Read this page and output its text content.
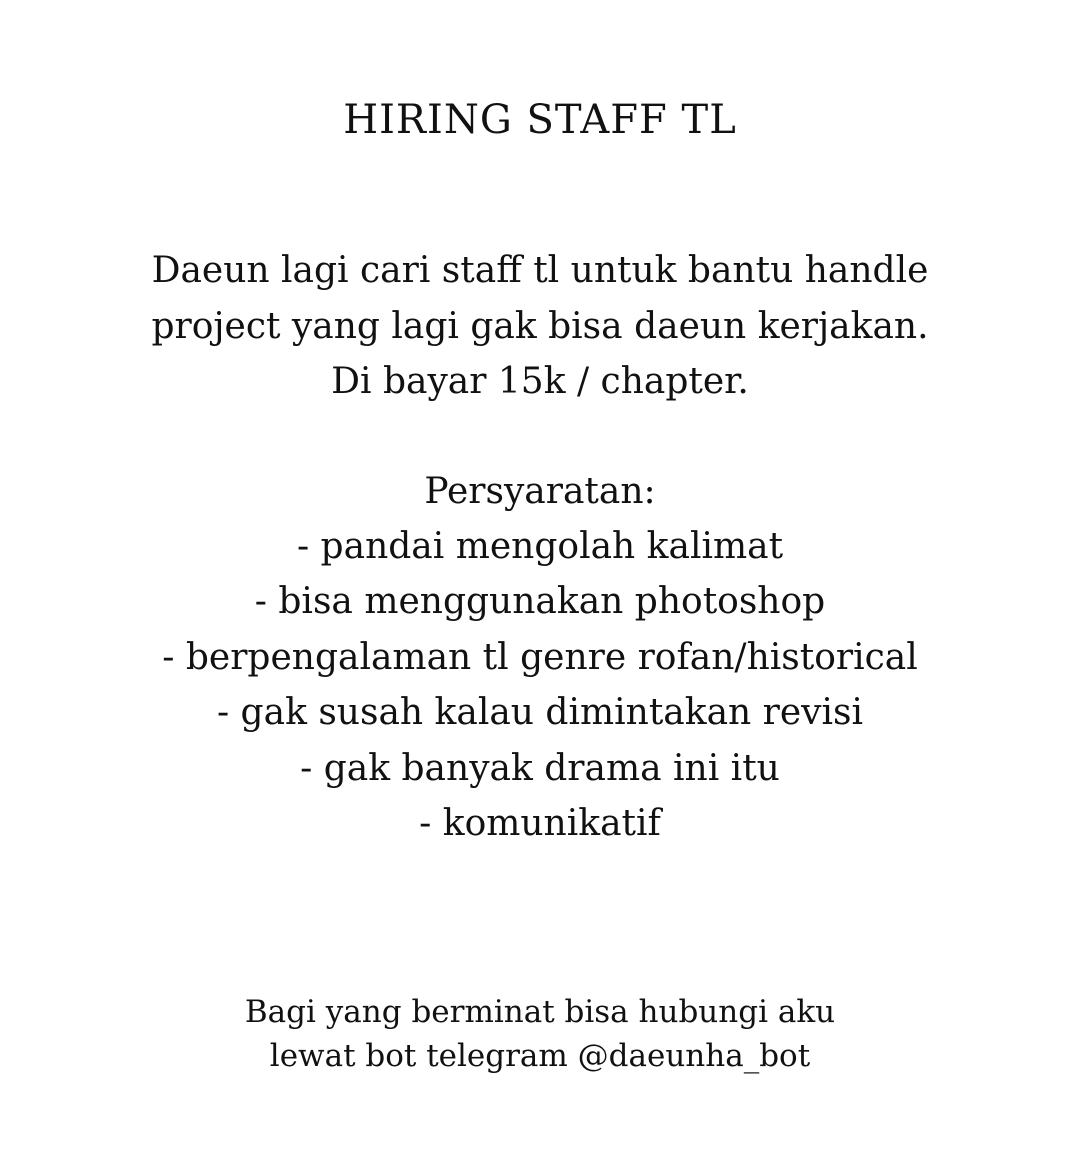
HIRING STAFF TL

Daeun lagi cari staff tl untuk bantu handle
project yang lagi gak bisa daeun kerjakan.
Di bayar 15k / chapter.

Persyaratan:
- pandai mengolah kalimat
- bisa menggunakan photoshop
- berpengalaman tl genre rofan/historical
- gak susah kalau dimintakan revisi
- gak banyak drama ini itu
- komunikatif

Bagi yang berminat bisa hubungi aku
lewat bot telegram @daeunha_bot
